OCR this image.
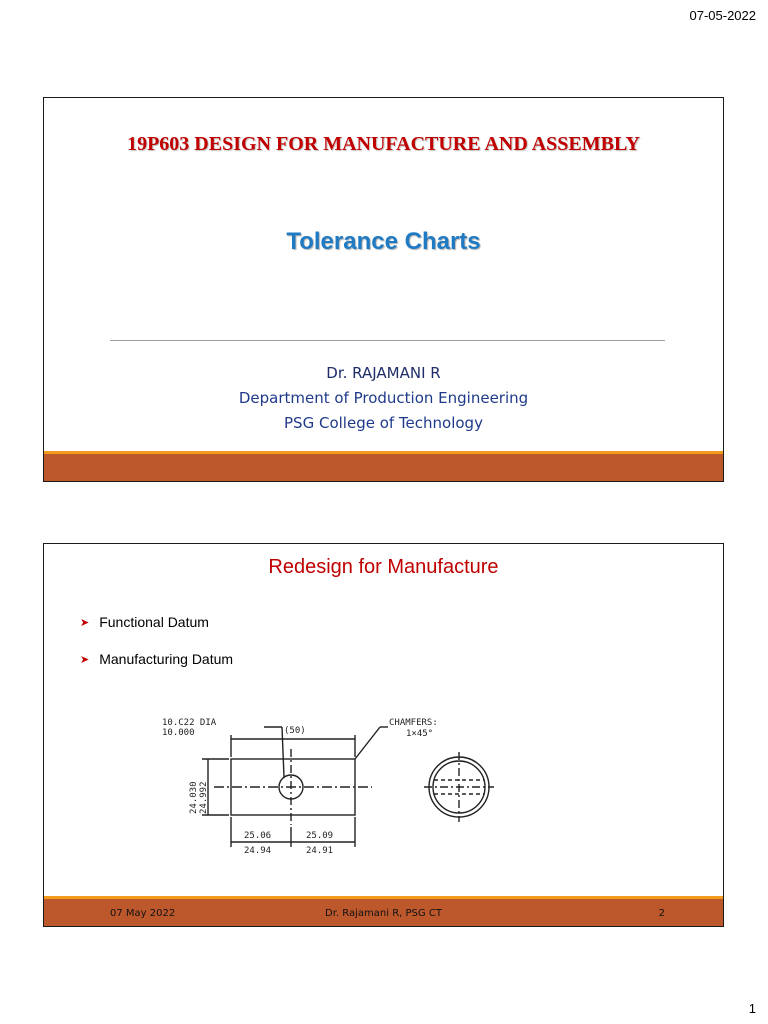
07-05-2022
19P603 DESIGN FOR MANUFACTURE AND ASSEMBLY
Tolerance Charts
Dr. RAJAMANI R
Department of Production Engineering
PSG College of Technology
Redesign for Manufacture
➤ Functional Datum
➤ Manufacturing Datum
10.C22 DIA
10.000	(50)
CHAMFERS:
1×45°
24.030 24.992
25.06
24.94
25.09
24.91
07 May 2022	Dr. Rajamani R, PSG CT	2
1
